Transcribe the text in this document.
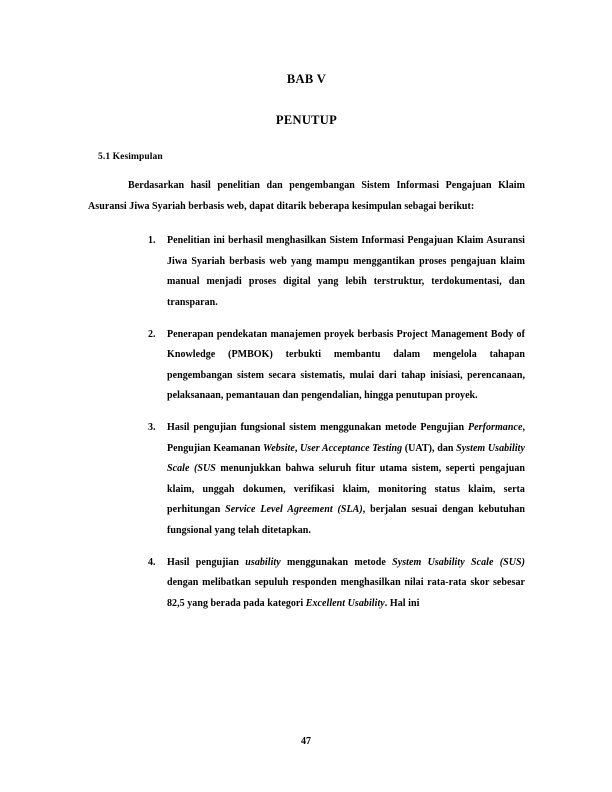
BAB V
PENUTUP
5.1 Kesimpulan

Berdasarkan hasil penelitian dan pengembangan Sistem Informasi Pengajuan Klaim Asuransi Jiwa Syariah berbasis web, dapat ditarik beberapa kesimpulan sebagai berikut:

1. Penelitian ini berhasil menghasilkan Sistem Informasi Pengajuan Klaim Asuransi Jiwa Syariah berbasis web yang mampu menggantikan proses pengajuan klaim manual menjadi proses digital yang lebih terstruktur, terdokumentasi, dan transparan.
2. Penerapan pendekatan manajemen proyek berbasis Project Management Body of Knowledge (PMBOK) terbukti membantu dalam mengelola tahapan pengembangan sistem secara sistematis, mulai dari tahap inisiasi, perencanaan, pelaksanaan, pemantauan dan pengendalian, hingga penutupan proyek.
3. Hasil pengujian fungsional sistem menggunakan metode Pengujian Performance, Pengujian Keamanan Website, User Acceptance Testing (UAT), dan System Usability Scale (SUS menunjukkan bahwa seluruh fitur utama sistem, seperti pengajuan klaim, unggah dokumen, verifikasi klaim, monitoring status klaim, serta perhitungan Service Level Agreement (SLA), berjalan sesuai dengan kebutuhan fungsional yang telah ditetapkan.
4. Hasil pengujian usability menggunakan metode System Usability Scale (SUS) dengan melibatkan sepuluh responden menghasilkan nilai rata-rata skor sebesar 82,5 yang berada pada kategori Excellent Usability. Hal ini
47
